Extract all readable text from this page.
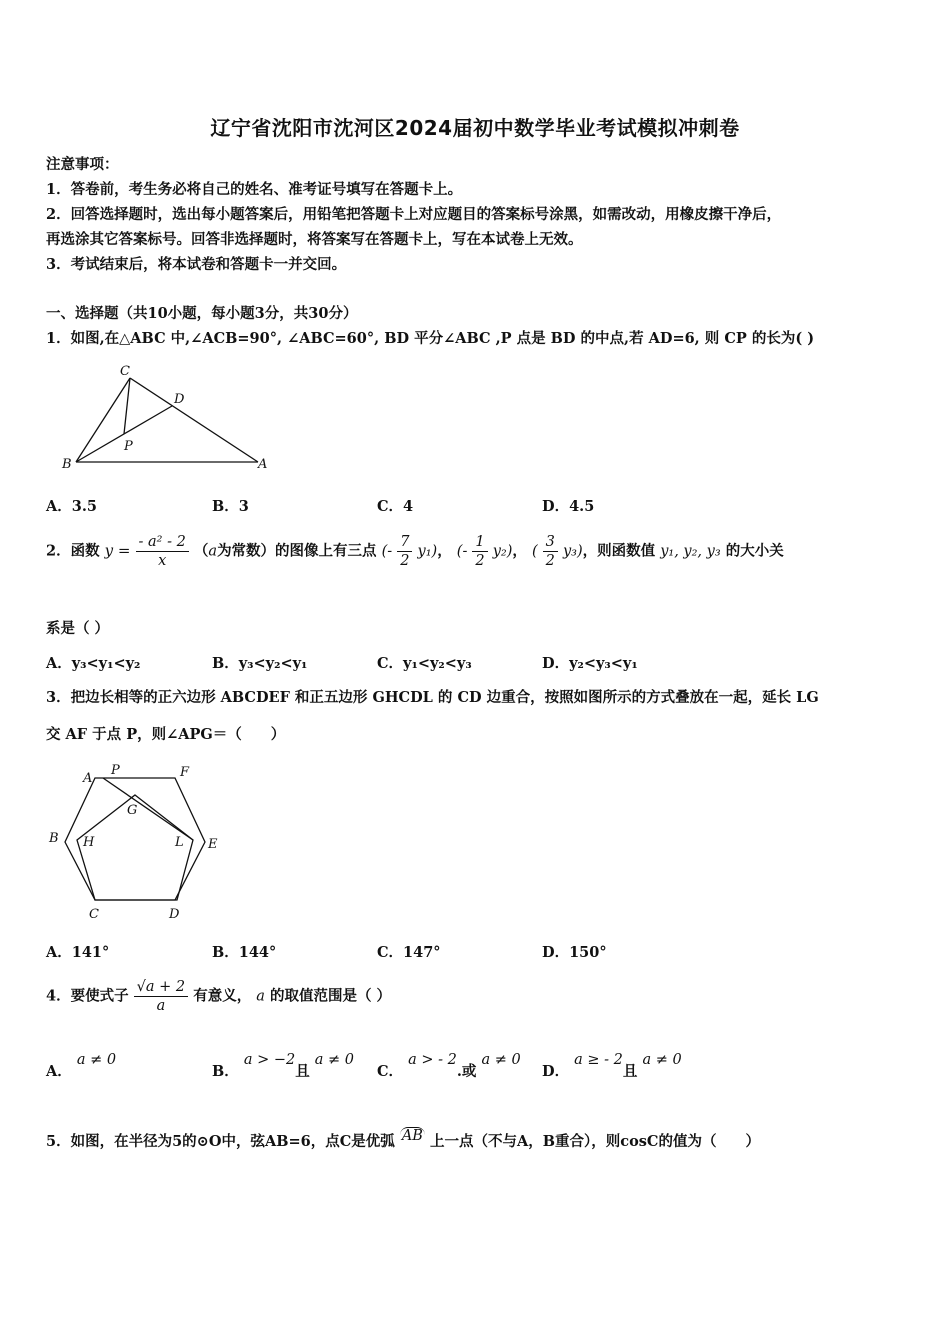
辽宁省沈阳市沈河区2024届初中数学毕业考试模拟冲刺卷
注意事项：
1．答卷前，考生务必将自己的姓名、准考证号填写在答题卡上。
2．回答选择题时，选出每小题答案后，用铅笔把答题卡上对应题目的答案标号涂黑，如需改动，用橡皮擦干净后，
再选涂其它答案标号。回答非选择题时，将答案写在答题卡上，写在本试卷上无效。
3．考试结束后，将本试卷和答题卡一并交回。
一、选择题（共10小题，每小题3分，共30分）
1．如图,在△ABC 中,∠ACB=90°, ∠ABC=60°, BD 平分∠ABC ,P 点是 BD 的中点,若 AD=6, 则 CP 的长为( )
C
D
P
B	A
A．3.5	B．3	C．4	D．4.5
2．函数 $y = \frac{\text{- a² - 2}}{x} (a$为常数）的图像上有三点 (- $\frac{7}{2} y_1$)， (- $\frac{1}{2} y_2$)， ( $\frac{3}{2} y_3$)，则函数值 y₁, y₂, y₃ 的大小关
系是（ ）
A．y₃<y₁<y₂	B．y₃<y₂<y₁	C．y₁<y₂<y₃	D．y₂<y₃<y₁
3．把边长相等的正六边形 ABCDEF 和正五边形 GHCDL 的 CD 边重合，按照如图所示的方式叠放在一起，延长 LG
交 AF 于点 P，则∠APG＝（　　）
A
P	F
G
B H	L E
C	D
A．141°	B．144°	C．147°	D．150°
4．要使式子 $\frac{√a + 2}{a}$ 有意义， a 的取值范围是（ ）
A． a ≠ 0
B． a > −2且 a ≠ 0
C． a > - 2.或 a ≠ 0
D． a ≥ - 2且 a ≠ 0
5．如图，在半径为5的⊙O中，弦AB=6，点C是优弧 AB 上一点（不与A，B重合），则cosC的值为（　　）
